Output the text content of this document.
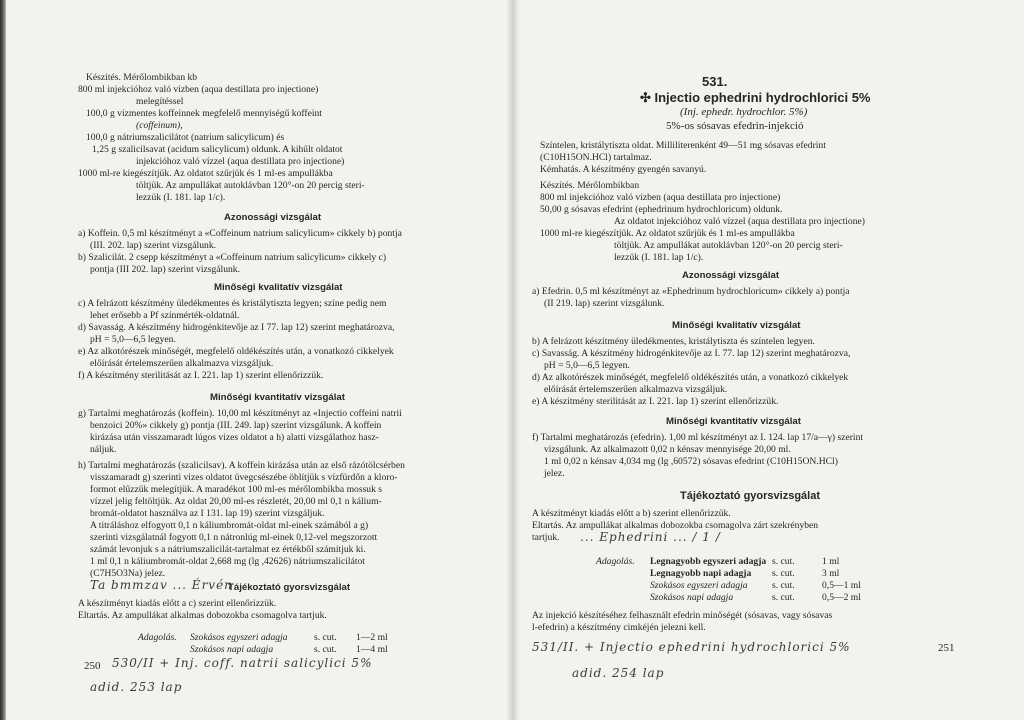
Készítés. Mérőlombikban kb
800 ml injekcióhoz való vízben (aqua destillata pro injectione)
melegítéssel
100,0 g vízmentes koffeinnek megfelelő mennyiségű koffeint
(coffeinum),
100,0 g nátriumszalicilátot (natrium salicylicum) és
1,25 g szalicilsavat (acidum salicylicum) oldunk. A kihűlt oldatot
injekcióhoz való vízzel (aqua destillata pro injectione)
1000 ml-re kiegészítjük. Az oldatot szűrjük és 1 ml-es ampullákba
töltjük. Az ampullákat autoklávban 120°-on 20 percig steri-
lezzük (I. 181. lap 1/c).
Azonossági vizsgálat
a) Koffein. 0,5 ml készítményt a «Coffeinum natrium salicylicum» cikkely b) pontja
(III. 202. lap) szerint vizsgálunk.
b) Szalicilát. 2 csepp készítményt a «Coffeinum natrium salicylicum» cikkely c)
pontja (III 202. lap) szerint vizsgálunk.
Minőségi kvalitatív vizsgálat
c) A felrázott készítmény üledékmentes és kristálytiszta legyen; színe pedig nem
lehet erősebb a Pf színmérték-oldatnál.
d) Savasság. A készítmény hidrogénkitevője az I 77. lap 12) szerint meghatározva,
pH = 5,0—6,5 legyen.
e) Az alkotórészek minőségét, megfelelő oldékészítés után, a vonatkozó cikkelyek
előírását értelemszerűen alkalmazva vizsgáljuk.
f) A készítmény sterilitását az I. 221. lap 1) szerint ellenőrizzük.
Minőségi kvantitatív vizsgálat
g) Tartalmi meghatározás (koffein). 10,00 ml készítményt az «Injectio coffeini natrii
benzoici 20%» cikkely g) pontja (III. 249. lap) szerint vizsgálunk. A koffein
kirázása után visszamaradt lúgos vizes oldatot a h) alatti vizsgálathoz hasz-
náljuk.
h) Tartalmi meghatározás (szalicilsav). A koffein kirázása után az első rázótölcsérben
visszamaradt g) szerinti vizes oldatot üvegcsészébe öblítjük s vízfürdőn a kloro-
formot elűzzük melegítjük. A maradékot 100 ml-es mérőlombikba mossuk s
vízzel jelig feltöltjük. Az oldat 20,00 ml-es részletét, 20,00 ml 0,1 n kálium-
bromát-oldatot használva az I 131. lap 19) szerint vizsgáljuk.
A titráláshoz elfogyott 0,1 n káliumbromát-oldat ml-einek számából a g)
szerinti vizsgálatnál fogyott 0,1 n nátronlúg ml-einek 0,12-vel megszorzott
számát levonjuk s a nátriumszalicilát-tartalmat ez értékből számítjuk ki.
1 ml 0,1 n káliumbromát-oldat 2,668 mg (lg ,42626) nátriumszalicilátot
(C7H5O3Na) jelez.
Ta bmmzav ... Érvén
Tájékoztató gyorsvizsgálat
A készítményt kiadás előtt a c) szerint ellenőrizzük.
Eltartás. Az ampullákat alkalmas dobozokba csomagolva tartjuk.
Adagolás. Szokásos egyszeri adagja	s. cut. 1—2 ml
Szokásos napi adagja	s. cut. 1—4 ml
250 530/II + Inj. coff. natrii salicylici 5%
adid. 253 lap
531.
✣ Injectio ephedrini hydrochlorici 5%
(Inj. ephedr. hydrochlor. 5%)
5%-os sósavas efedrin-injekció
Színtelen, kristálytiszta oldat. Milliliterenként 49—51 mg sósavas efedrint
(C10H15ON.HCl) tartalmaz.
Kémhatás. A készítmény gyengén savanyú.
Készítés. Mérőlombikban
800 ml injekcióhoz való vízben (aqua destillata pro injectione)
50,00 g sósavas efedrint (ephedrinum hydrochloricum) oldunk.
Az oldatot injekcióhoz való vízzel (aqua destillata pro injectione)
1000 ml-re kiegészítjük. Az oldatot szűrjük és 1 ml-es ampullákba
töltjük. Az ampullákat autoklávban 120°-on 20 percig steri-
lezzük (I. 181. lap 1/c).
Azonossági vizsgálat
a) Efedrin. 0,5 ml készítményt az «Ephedrinum hydrochloricum» cikkely a) pontja
(II 219. lap) szerint vizsgálunk.
Minőségi kvalitatív vizsgálat
b) A felrázott készítmény üledékmentes, kristálytiszta és színtelen legyen.
c) Savasság. A készítmény hidrogénkitevője az I. 77. lap 12) szerint meghatározva,
pH = 5,0—6,5 legyen.
d) Az alkotórészek minőségét, megfelelő oldékészítés után, a vonatkozó cikkelyek
előírását értelemszerűen alkalmazva vizsgáljuk.
e) A készítmény sterilitását az I. 221. lap 1) szerint ellenőrizzük.
Minőségi kvantitatív vizsgálat
f) Tartalmi meghatározás (efedrin). 1,00 ml készítményt az I. 124. lap 17/a—γ) szerint
vizsgálunk. Az alkalmazott 0,02 n kénsav mennyisége 20,00 ml.
1 ml 0,02 n kénsav 4,034 mg (lg ,60572) sósavas efedrint (C10H15ON.HCl)
jelez.
Tájékoztató gyorsvizsgálat
A készítményt kiadás előtt a b) szerint ellenőrizzük.
Eltartás. Az ampullákat alkalmas dobozokba csomagolva zárt szekrényben
tartjuk. ... Ephedrini ... / 1 /
Adagolás. Legnagyobb egyszeri adagja s. cut.	1 ml
Legnagyobb napi adagja s. cut.	3 ml
Szokásos egyszeri adagja	s. cut.	0,5—1 ml
Szokásos napi adagja	s. cut.	0,5—2 ml
Az injekció készítéséhez felhasznált efedrin minőségét (sósavas, vagy sósavas
l-efedrin) a készítmény cimkéjén jelezni kell.
531/II. + Injectio ephedrini hydrochlorici 5%	251
adid. 254 lap
